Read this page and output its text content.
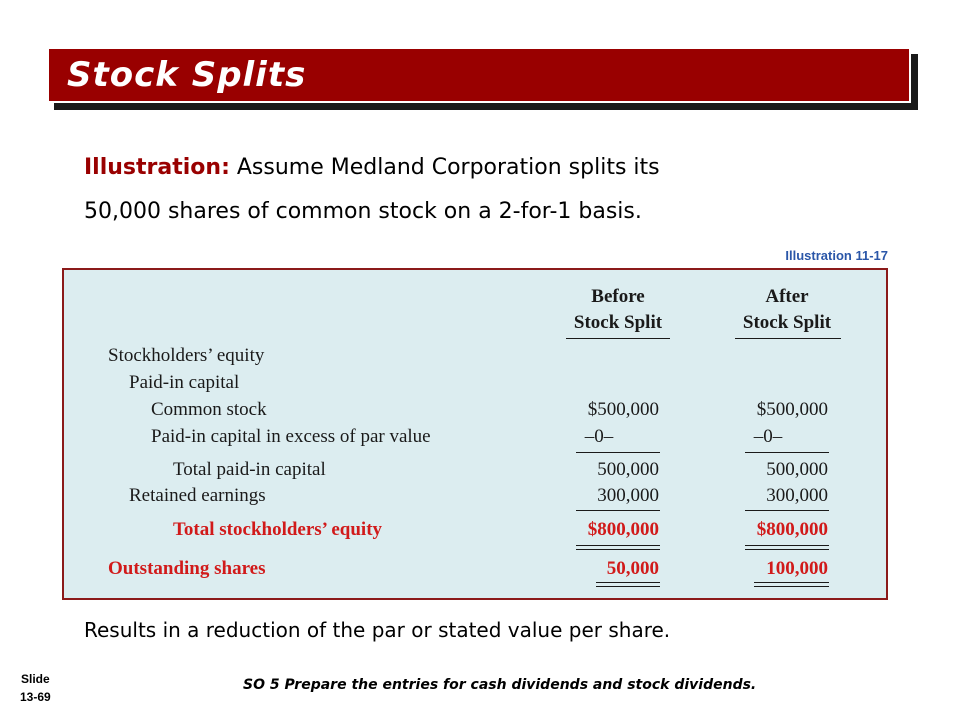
Stock Splits
Illustration: Assume Medland Corporation splits its
50,000 shares of common stock on a 2-for-1 basis.
Illustration 11-17
Before
Stock Split
After
Stock Split
Stockholders’ equity
Paid-in capital
Common stock
Paid-in capital in excess of par value
Total paid-in capital
Retained earnings
Total stockholders’ equity
Outstanding shares
$500,000
–0–
500,000
300,000
$800,000
50,000
$500,000
–0–
500,000
300,000
$800,000
100,000
Results in a reduction of the par or stated value per share.
Slide
13-69
SO 5 Prepare the entries for cash dividends and stock dividends.
